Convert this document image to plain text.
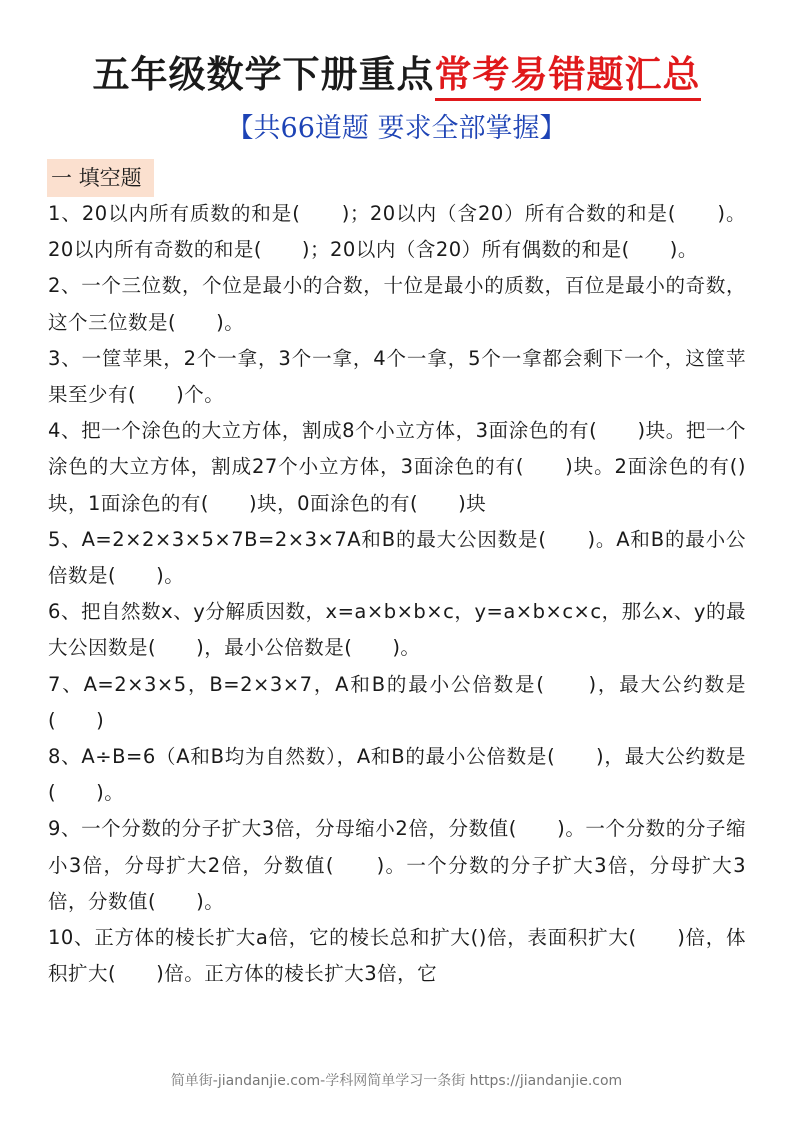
五年级数学下册重点常考易错题汇总
【共66道题 要求全部掌握】
一 填空题

1、20以内所有质数的和是(　　)；20以内（含20）所有合数的和是(　　)。20以内所有奇数的和是(　　)；20以内（含20）所有偶数的和是(　　)。

2、一个三位数，个位是最小的合数，十位是最小的质数，百位是最小的奇数，这个三位数是(　　)。

3、一筐苹果，2个一拿，3个一拿，4个一拿，5个一拿都会剩下一个，这筐苹果至少有(　　)个。

4、把一个涂色的大立方体，割成8个小立方体，3面涂色的有(　　)块。把一个涂色的大立方体，割成27个小立方体，3面涂色的有(　　)块。2面涂色的有()块，1面涂色的有(　　)块，0面涂色的有(　　)块

5、A=2×2×3×5×7B=2×3×7A和B的最大公因数是(　　)。A和B的最小公倍数是(　　)。

6、把自然数x、y分解质因数，x=a×b×b×c，y=a×b×c×c，那么x、y的最大公因数是(　　)，最小公倍数是(　　)。

7、A=2×3×5，B=2×3×7，A和B的最小公倍数是(　　)，最大公约数是(　　)

8、A÷B=6（A和B均为自然数），A和B的最小公倍数是(　　)，最大公约数是(　　)。

9、一个分数的分子扩大3倍，分母缩小2倍，分数值(　　)。一个分数的分子缩小3倍，分母扩大2倍，分数值(　　)。一个分数的分子扩大3倍，分母扩大3倍，分数值(　　)。

10、正方体的棱长扩大a倍，它的棱长总和扩大()倍，表面积扩大(　　)倍，体积扩大(　　)倍。正方体的棱长扩大3倍，它

简单街-jiandanjie.com-学科网简单学习一条街 https://jiandanjie.com
